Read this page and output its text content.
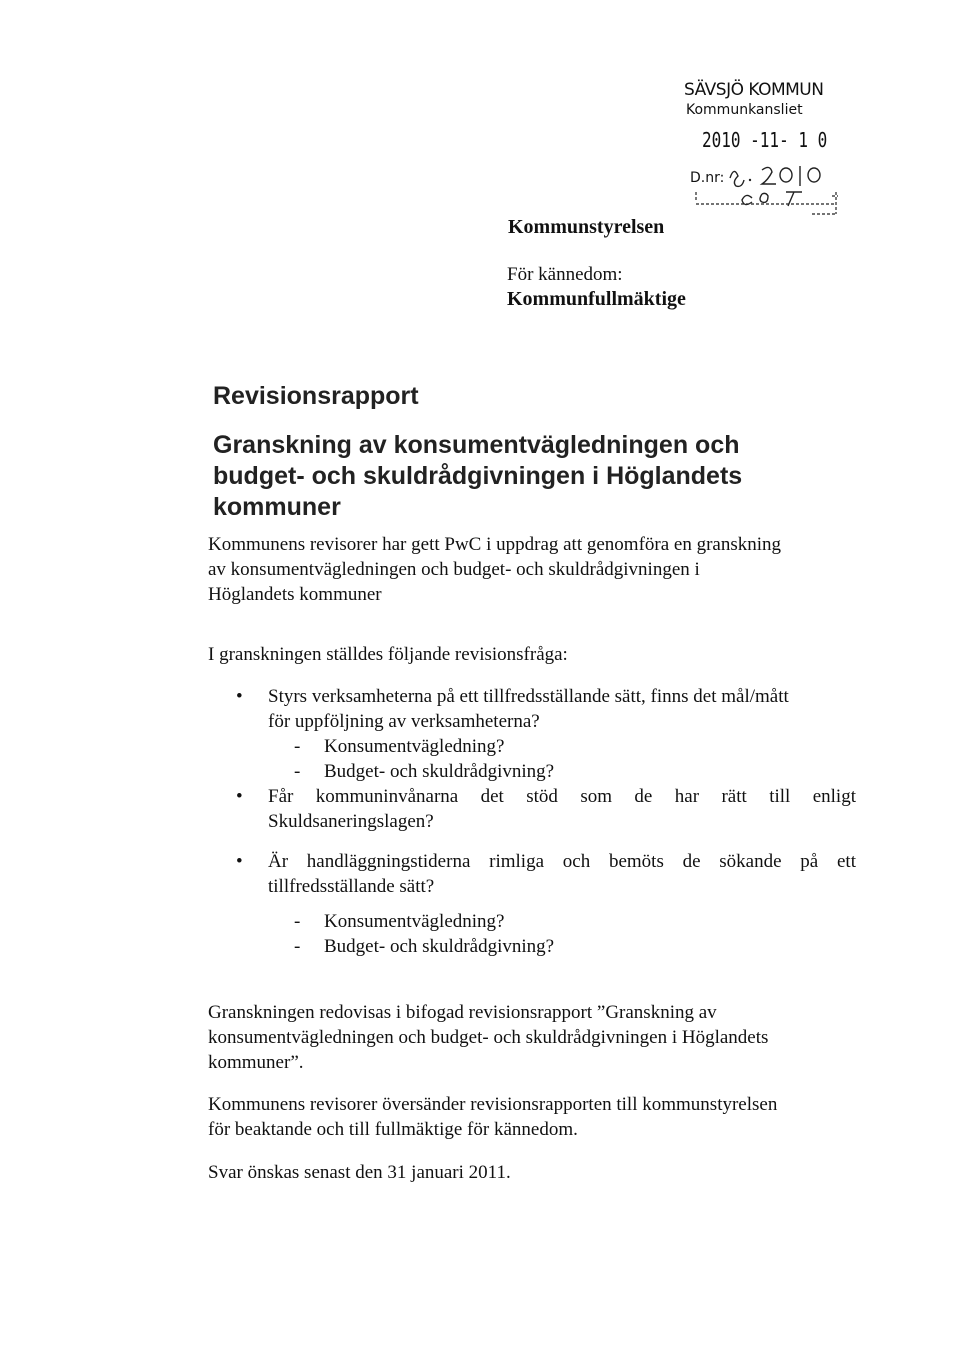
SÄVSJÖ KOMMUN
Kommunkansliet
2010 -11- 1 0
D.nr:
Kommunstyrelsen
För kännedom:
Kommunfullmäktige
Revisionsrapport
Granskning av konsumentvägledningen och
budget- och skuldrådgivningen i Höglandets
kommuner
Kommunens revisorer har gett PwC i uppdrag att genomföra en granskning
av konsumentvägledningen och budget- och skuldrådgivningen i
Höglandets kommuner
I granskningen ställdes följande revisionsfråga:
•	Styrs verksamheterna på ett tillfredsställande sätt, finns det mål/mått
för uppföljning av verksamheterna?
- Konsumentvägledning?
- Budget- och skuldrådgivning?
•	Får kommuninvånarna det stöd som de har rätt till enligt
Skuldsaneringslagen?
•	Är handläggningstiderna rimliga och bemöts de sökande på ett
tillfredsställande sätt?
- Konsumentvägledning?
- Budget- och skuldrådgivning?
Granskningen redovisas i bifogad revisionsrapport ”Granskning av
konsumentvägledningen och budget- och skuldrådgivningen i Höglandets
kommuner”.
Kommunens revisorer översänder revisionsrapporten till kommunstyrelsen
för beaktande och till fullmäktige för kännedom.
Svar önskas senast den 31 januari 2011.
